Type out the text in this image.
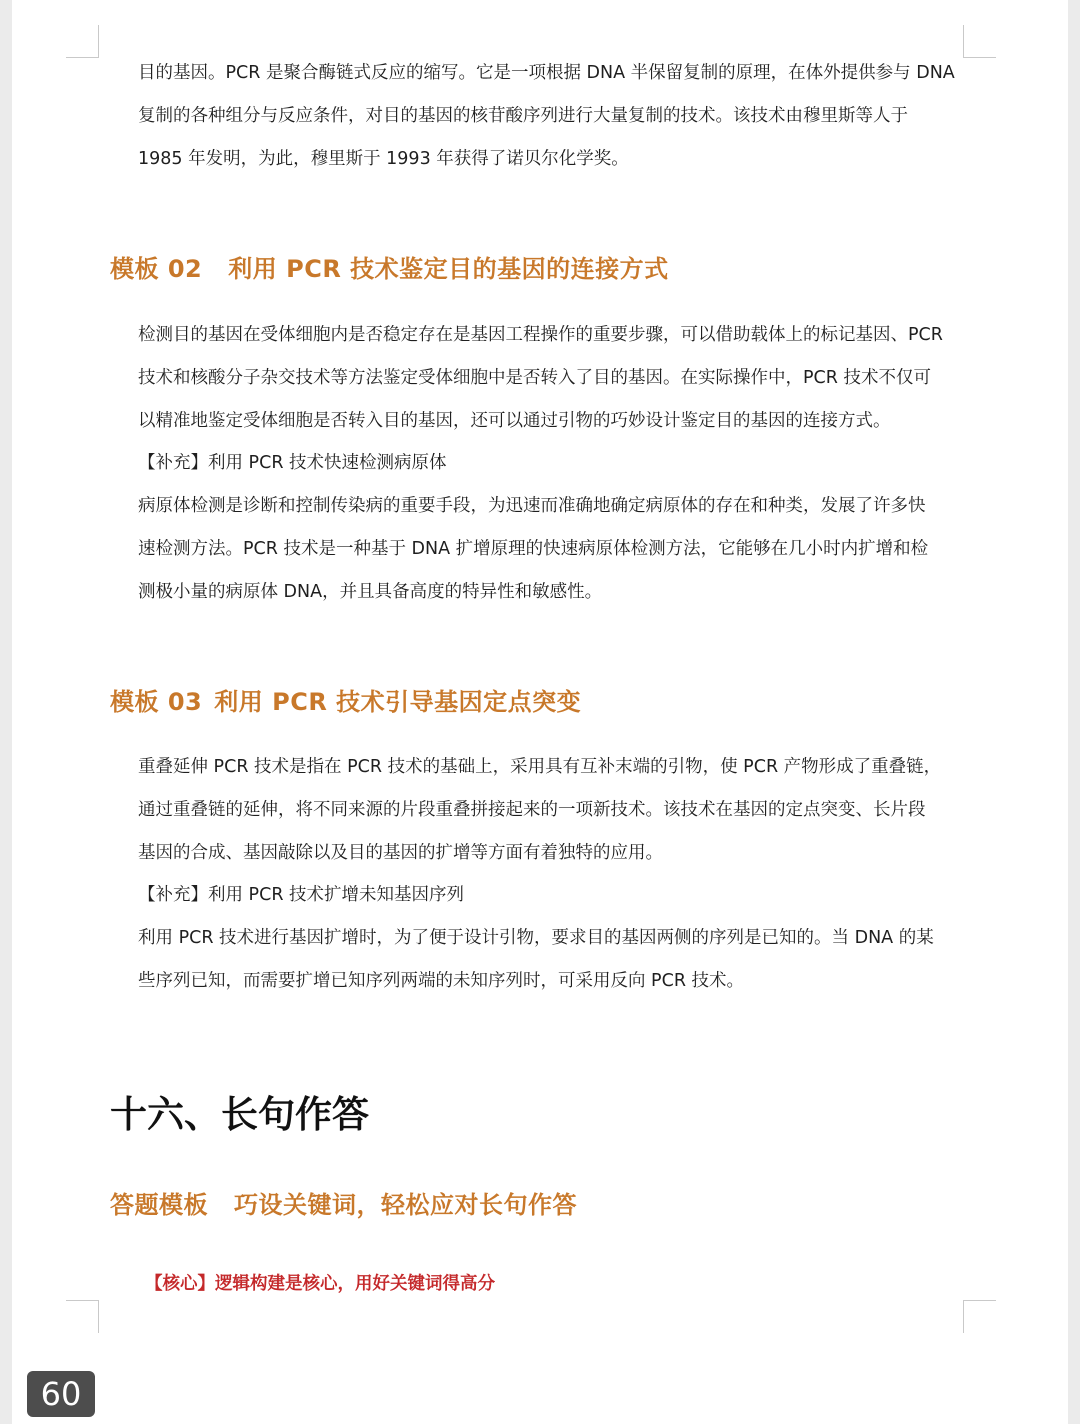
目的基因。PCR 是聚合酶链式反应的缩写。它是一项根据 DNA 半保留复制的原理，在体外提供参与 DNA
复制的各种组分与反应条件，对目的基因的核苷酸序列进行大量复制的技术。该技术由穆里斯等人于
1985 年发明，为此，穆里斯于 1993 年获得了诺贝尔化学奖。

模板 02 利用 PCR 技术鉴定目的基因的连接方式

检测目的基因在受体细胞内是否稳定存在是基因工程操作的重要步骤，可以借助载体上的标记基因、PCR
技术和核酸分子杂交技术等方法鉴定受体细胞中是否转入了目的基因。在实际操作中，PCR 技术不仅可
以精准地鉴定受体细胞是否转入目的基因，还可以通过引物的巧妙设计鉴定目的基因的连接方式。

【补充】利用 PCR 技术快速检测病原体

病原体检测是诊断和控制传染病的重要手段，为迅速而准确地确定病原体的存在和种类，发展了许多快
速检测方法。PCR 技术是一种基于 DNA 扩增原理的快速病原体检测方法，它能够在几小时内扩增和检
测极小量的病原体 DNA，并且具备高度的特异性和敏感性。

模板 03 利用 PCR 技术引导基因定点突变

重叠延伸 PCR 技术是指在 PCR 技术的基础上，采用具有互补末端的引物，使 PCR 产物形成了重叠链，
通过重叠链的延伸，将不同来源的片段重叠拼接起来的一项新技术。该技术在基因的定点突变、长片段
基因的合成、基因敲除以及目的基因的扩增等方面有着独特的应用。

【补充】利用 PCR 技术扩增未知基因序列

利用 PCR 技术进行基因扩增时，为了便于设计引物，要求目的基因两侧的序列是已知的。当 DNA 的某
些序列已知，而需要扩增已知序列两端的未知序列时，可采用反向 PCR 技术。

十六、长句作答
答题模板 巧设关键词，轻松应对长句作答

【核心】逻辑构建是核心，用好关键词得高分

60
